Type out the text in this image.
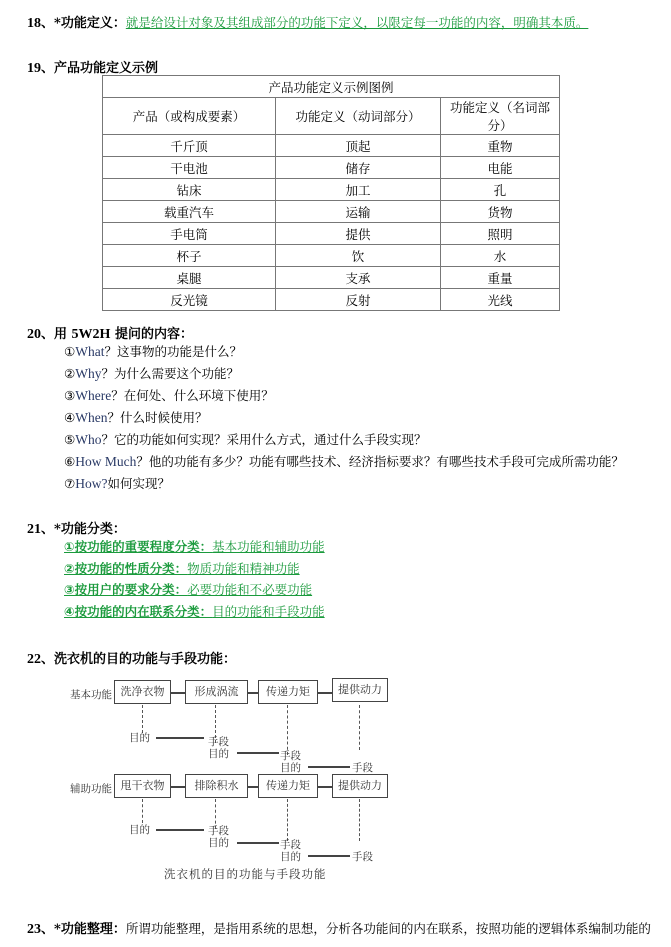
18、*功能定义：就是给设计对象及其组成部分的功能下定义，以限定每一功能的内容，明确其本质。
19、产品功能定义示例
产品功能定义示例图例		
产品（或构成要素）	功能定义（动词部分）	功能定义（名词部分）
千斤顶	顶起	重物
干电池	储存	电能
钻床	加工	孔
载重汽车	运输	货物
手电筒	提供	照明
杯子	饮	水
桌腿	支承	重量
反光镜	反射	光线
20、用 5W2H 提问的内容：
①What？这事物的功能是什么？
②Why？为什么需要这个功能？
③Where？在何处、什么环境下使用？
④When？什么时候使用？
⑤Who？它的功能如何实现？采用什么方式，通过什么手段实现？
⑥How Much？他的功能有多少？功能有哪些技术、经济指标要求？有哪些技术手段可完成所需功能？
⑦How?如何实现？
21、*功能分类：
①按功能的重要程度分类：基本功能和辅助功能
②按功能的性质分类：物质功能和精神功能
③按用户的要求分类：必要功能和不必要功能
④按功能的内在联系分类：目的功能和手段功能
22、洗衣机的目的功能与手段功能：
基本功能 洗净衣物	形成涡流	传递力矩	提供动力
目的	手段
目的	手段
目的	手段
辅助功能 甩干衣物	排除积水	传递力矩	提供动力
目的	手段
目的	手段
目的	手段
洗衣机的目的功能与手段功能
23、*功能整理：所谓功能整理，是指用系统的思想，分析各功能间的内在联系，按照功能的逻辑体系编制功能的
